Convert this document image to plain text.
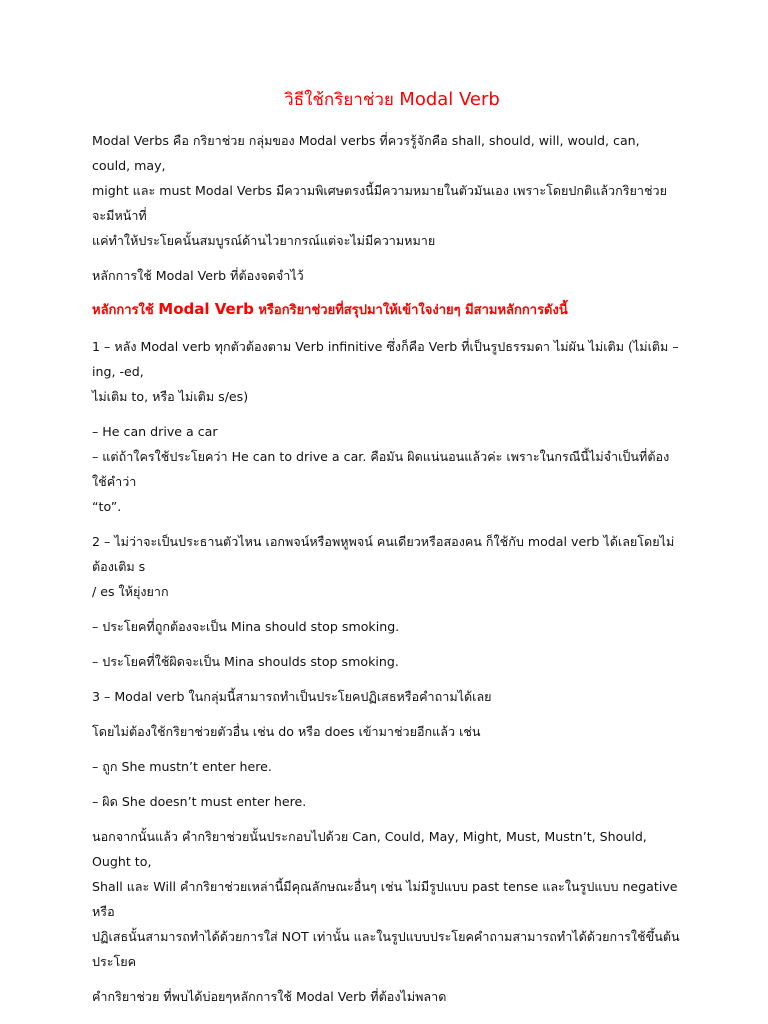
วิธีใช้กริยาช่วย Modal Verb

Modal Verbs คือ กริยาช่วย กลุ่มของ Modal verbs ที่ควรรู้จักคือ shall, should, will, would, can, could, may,

might และ must Modal Verbs มีความพิเศษตรงนี้มีความหมายในตัวมันเอง เพราะโดยปกติแล้วกริยาช่วยจะมีหน้าที่

แค่ทำให้ประโยคนั้นสมบูรณ์ด้านไวยากรณ์แต่จะไม่มีความหมาย

หลักการใช้ Modal Verb ที่ต้องจดจำไว้

หลักการใช้ Modal Verb หรือกริยาช่วยที่สรุปมาให้เข้าใจง่ายๆ มีสามหลักการดังนี้

1 – หลัง Modal verb ทุกตัวต้องตาม Verb infinitive ซึ่งก็คือ Verb ที่เป็นรูปธรรมดา ไม่ผัน ไม่เติม (ไม่เติม –ing, -ed,

ไม่เติม to, หรือ ไม่เติม s/es)

– He can drive a car

– แต่ถ้าใครใช้ประโยคว่า He can to drive a car. คือมัน ผิดแน่นอนแล้วค่ะ เพราะในกรณีนี้ไม่จำเป็นที่ต้องใช้คำว่า

“to”.

2 – ไม่ว่าจะเป็นประธานตัวไหน เอกพจน์หรือพหูพจน์ คนเดียวหรือสองคน ก็ใช้กับ modal verb ได้เลยโดยไม่ต้องเติม s

/ es ให้ยุ่งยาก

– ประโยคที่ถูกต้องจะเป็น Mina should stop smoking.

– ประโยคที่ใช้ผิดจะเป็น Mina shoulds stop smoking.

3 – Modal verb ในกลุ่มนี้สามารถทำเป็นประโยคปฏิเสธหรือคำถามได้เลย

โดยไม่ต้องใช้กริยาช่วยตัวอื่น เช่น do หรือ does เข้ามาช่วยอีกแล้ว เช่น

– ถูก She mustn’t enter here.

– ผิด She doesn’t must enter here.

นอกจากนั้นแล้ว คำกริยาช่วยนั้นประกอบไปด้วย Can, Could, May, Might, Must, Mustn’t, Should, Ought to,

Shall และ Will คำกริยาช่วยเหล่านี้มีคุณลักษณะอื่นๆ เช่น ไม่มีรูปแบบ past tense และในรูปแบบ negative หรือ

ปฏิเสธนั้นสามารถทำได้ด้วยการใส่ NOT เท่านั้น และในรูปแบบประโยคคำถามสามารถทำได้ด้วยการใช้ขึ้นต้นประโยค

คำกริยาช่วย ที่พบได้บ่อยๆหลักการใช้ Modal Verb ที่ต้องไม่พลาด
